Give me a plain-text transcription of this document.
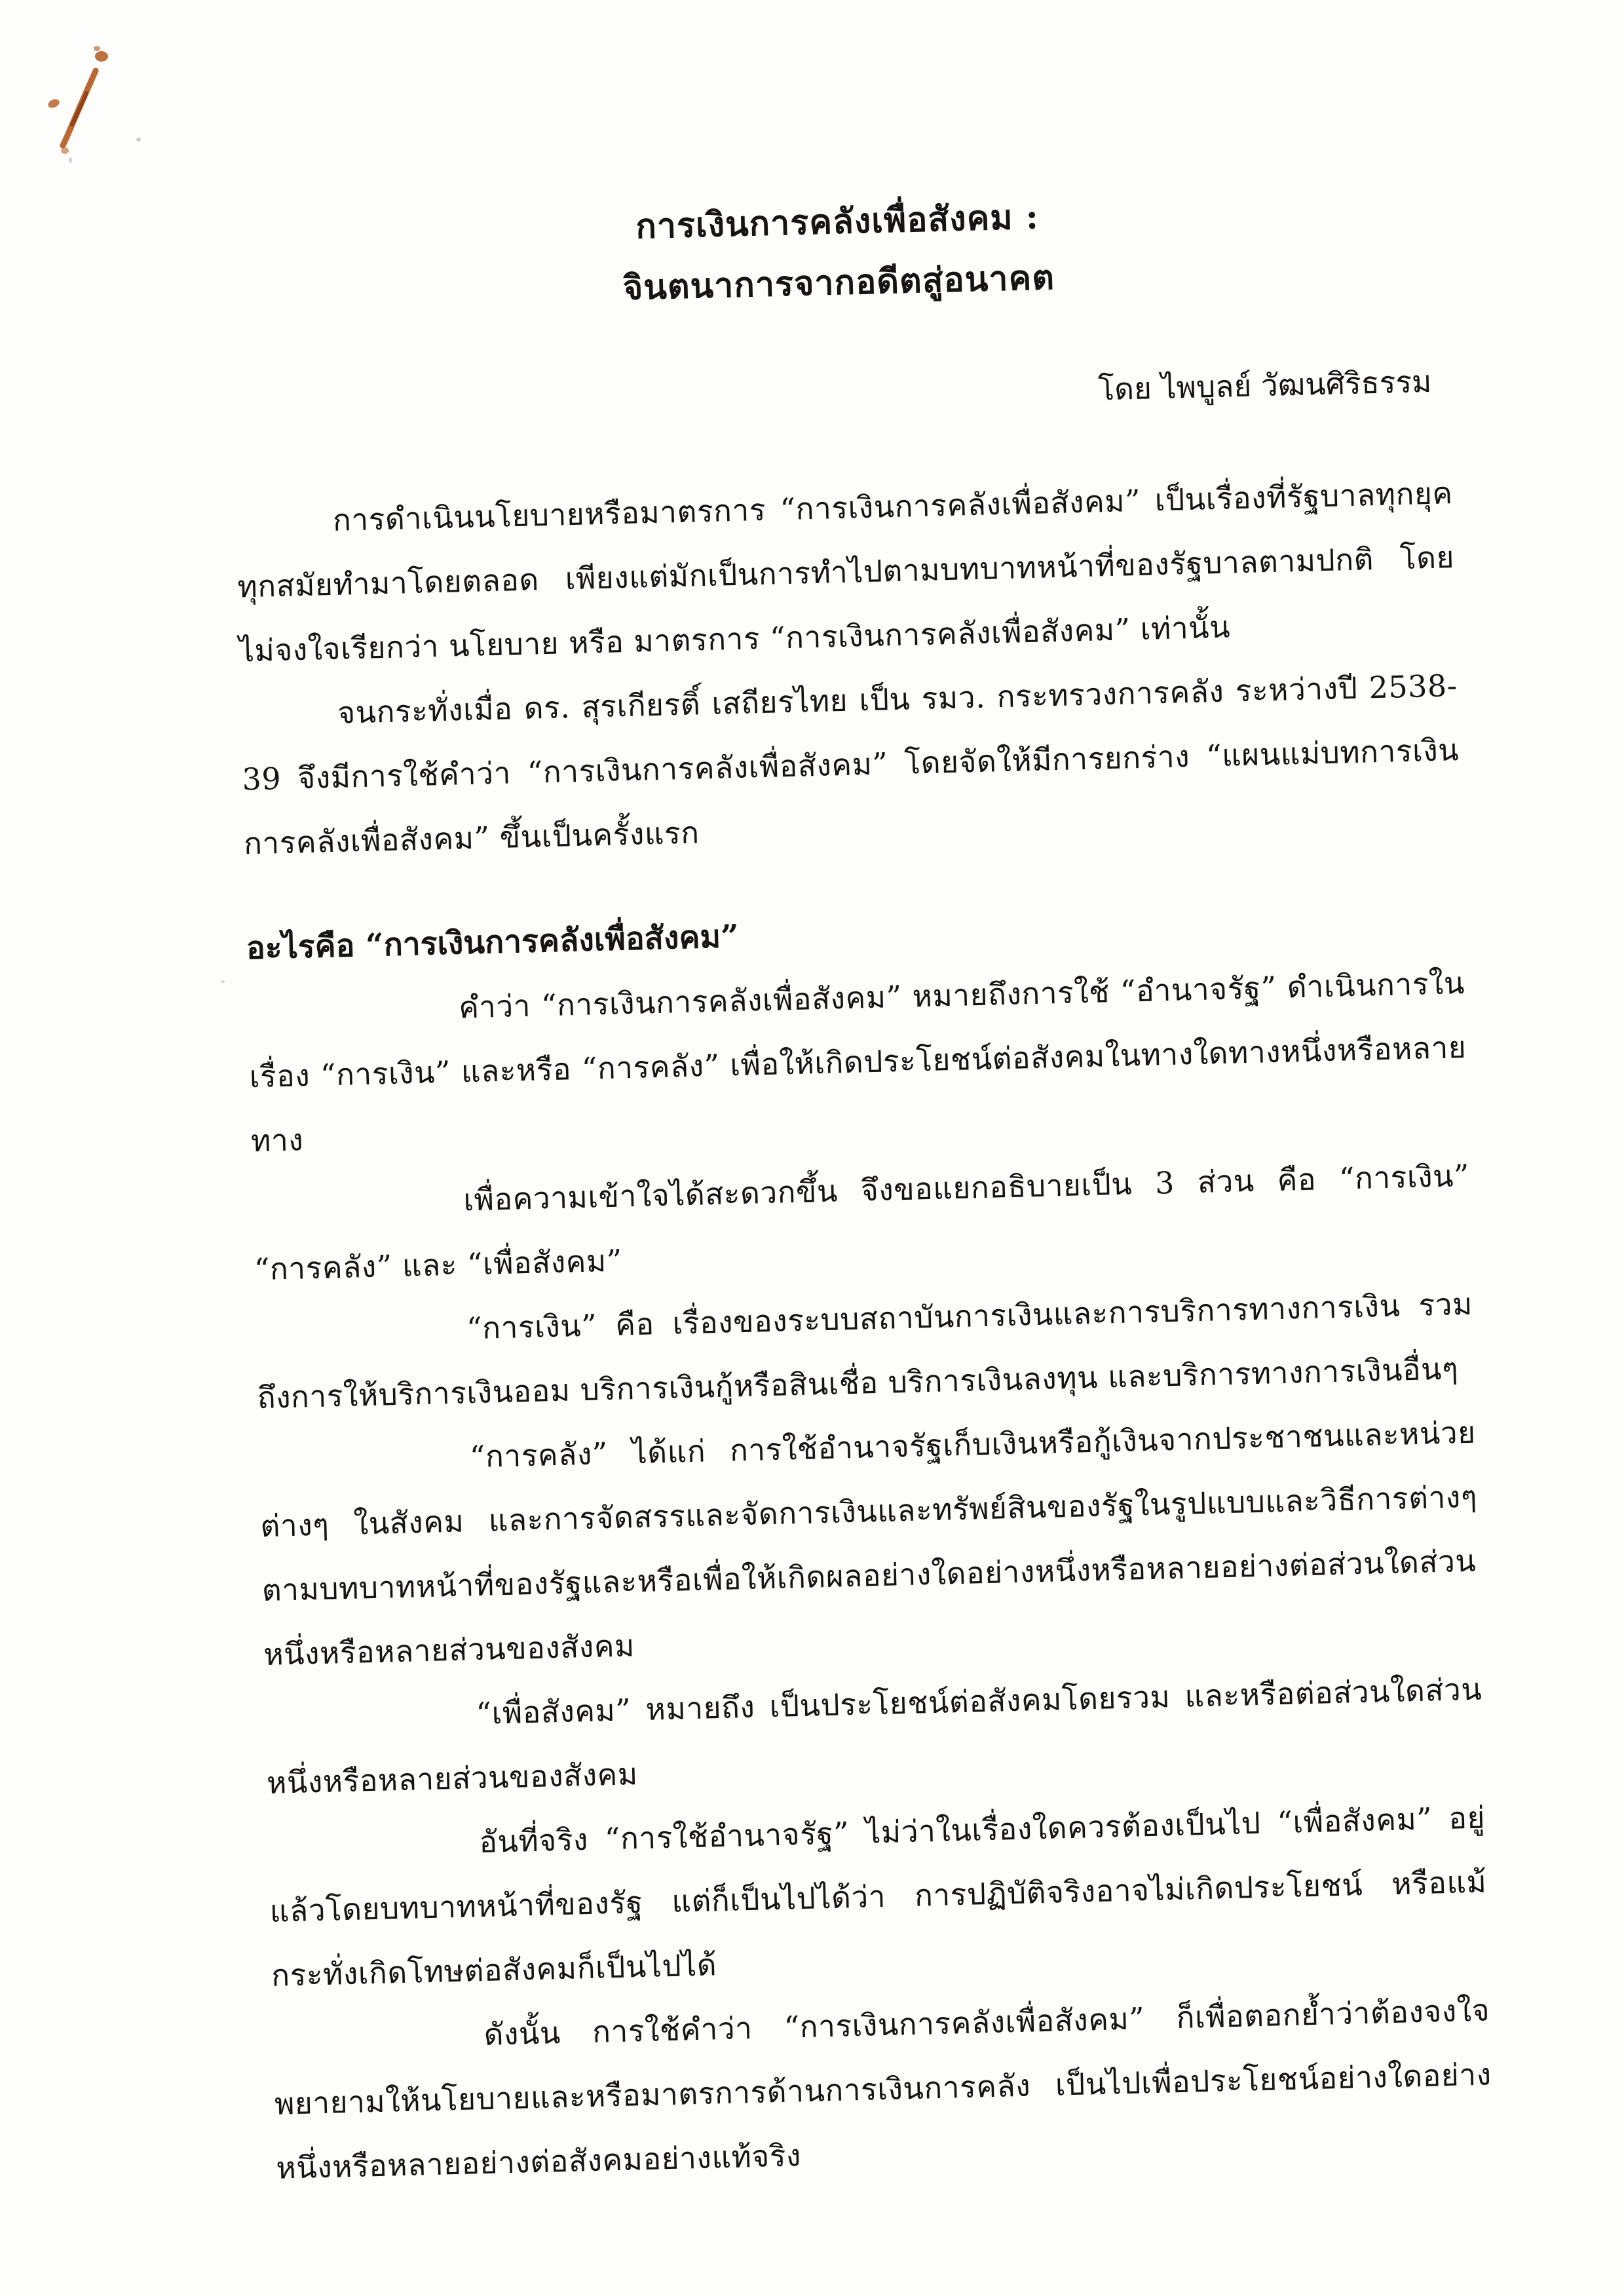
การเงินการคลังเพื่อสังคม :
จินตนาการจากอดีตสู่อนาคต
โดย ไพบูลย์ วัฒนศิริธรรม

การดำเนินนโยบายหรือมาตรการ “การเงินการคลังเพื่อสังคม” เป็นเรื่องที่รัฐบาลทุกยุคทุกสมัยทำมาโดยตลอด เพียงแต่มักเป็นการทำไปตามบทบาทหน้าที่ของรัฐบาลตามปกติ โดยไม่จงใจเรียกว่า นโยบาย หรือ มาตรการ “การเงินการคลังเพื่อสังคม” เท่านั้น

จนกระทั่งเมื่อ ดร. สุรเกียรติ์ เสถียรไทย เป็น รมว. กระทรวงการคลัง ระหว่างปี 2538-39 จึงมีการใช้คำว่า “การเงินการคลังเพื่อสังคม” โดยจัดให้มีการยกร่าง “แผนแม่บทการเงินการคลังเพื่อสังคม” ขึ้นเป็นครั้งแรก

อะไรคือ “การเงินการคลังเพื่อสังคม”

คำว่า “การเงินการคลังเพื่อสังคม” หมายถึงการใช้ “อำนาจรัฐ” ดำเนินการในเรื่อง “การเงิน” และหรือ “การคลัง” เพื่อให้เกิดประโยชน์ต่อสังคมในทางใดทางหนึ่งหรือหลายทาง

เพื่อความเข้าใจได้สะดวกขึ้น จึงขอแยกอธิบายเป็น 3 ส่วน คือ “การเงิน” “การคลัง” และ “เพื่อสังคม”

“การเงิน” คือ เรื่องของระบบสถาบันการเงินและการบริการทางการเงิน รวมถึงการให้บริการเงินออม บริการเงินกู้หรือสินเชื่อ บริการเงินลงทุน และบริการทางการเงินอื่นๆ

“การคลัง” ได้แก่ การใช้อำนาจรัฐเก็บเงินหรือกู้เงินจากประชาชนและหน่วยต่างๆ ในสังคม และการจัดสรรและจัดการเงินและทรัพย์สินของรัฐในรูปแบบและวิธีการต่างๆ ตามบทบาทหน้าที่ของรัฐและหรือเพื่อให้เกิดผลอย่างใดอย่างหนึ่งหรือหลายอย่างต่อส่วนใดส่วนหนึ่งหรือหลายส่วนของสังคม

“เพื่อสังคม” หมายถึง เป็นประโยชน์ต่อสังคมโดยรวม และหรือต่อส่วนใดส่วนหนึ่งหรือหลายส่วนของสังคม

อันที่จริง “การใช้อำนาจรัฐ” ไม่ว่าในเรื่องใดควรต้องเป็นไป “เพื่อสังคม” อยู่แล้วโดยบทบาทหน้าที่ของรัฐ แต่ก็เป็นไปได้ว่า การปฏิบัติจริงอาจไม่เกิดประโยชน์ หรือแม้กระทั่งเกิดโทษต่อสังคมก็เป็นไปได้

ดังนั้น การใช้คำว่า “การเงินการคลังเพื่อสังคม” ก็เพื่อตอกย้ำว่าต้องจงใจพยายามให้นโยบายและหรือมาตรการด้านการเงินการคลัง เป็นไปเพื่อประโยชน์อย่างใดอย่างหนึ่งหรือหลายอย่างต่อสังคมอย่างแท้จริง
